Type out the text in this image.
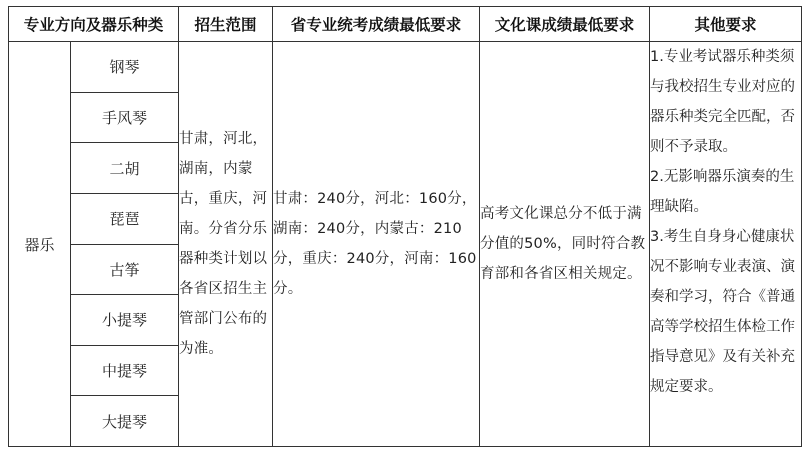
专业方向及器乐种类		招生范围	省专业统考成绩最低要求	文化课成绩最低要求	其他要求
器乐	钢琴	甘肃，河北，湖南，内蒙古，重庆，河南。分省分乐器种类计划以各省区招生主管部门公布的为准。	甘肃：240分，河北：160分，湖南：240分，内蒙古：210分，重庆：240分，河南：160分。	高考文化课总分不低于满分值的50%，同时符合教育部和各省区相关规定。	1.专业考试器乐种类须与我校招生专业对应的器乐种类完全匹配，否则不予录取。
2.无影响器乐演奏的生理缺陷。
3.考生自身身心健康状况不影响专业表演、演奏和学习，符合《普通高等学校招生体检工作指导意见》及有关补充规定要求。

	手风琴				
	二胡				
	琵琶				
	古筝				
	小提琴				
	中提琴				
	大提琴				
